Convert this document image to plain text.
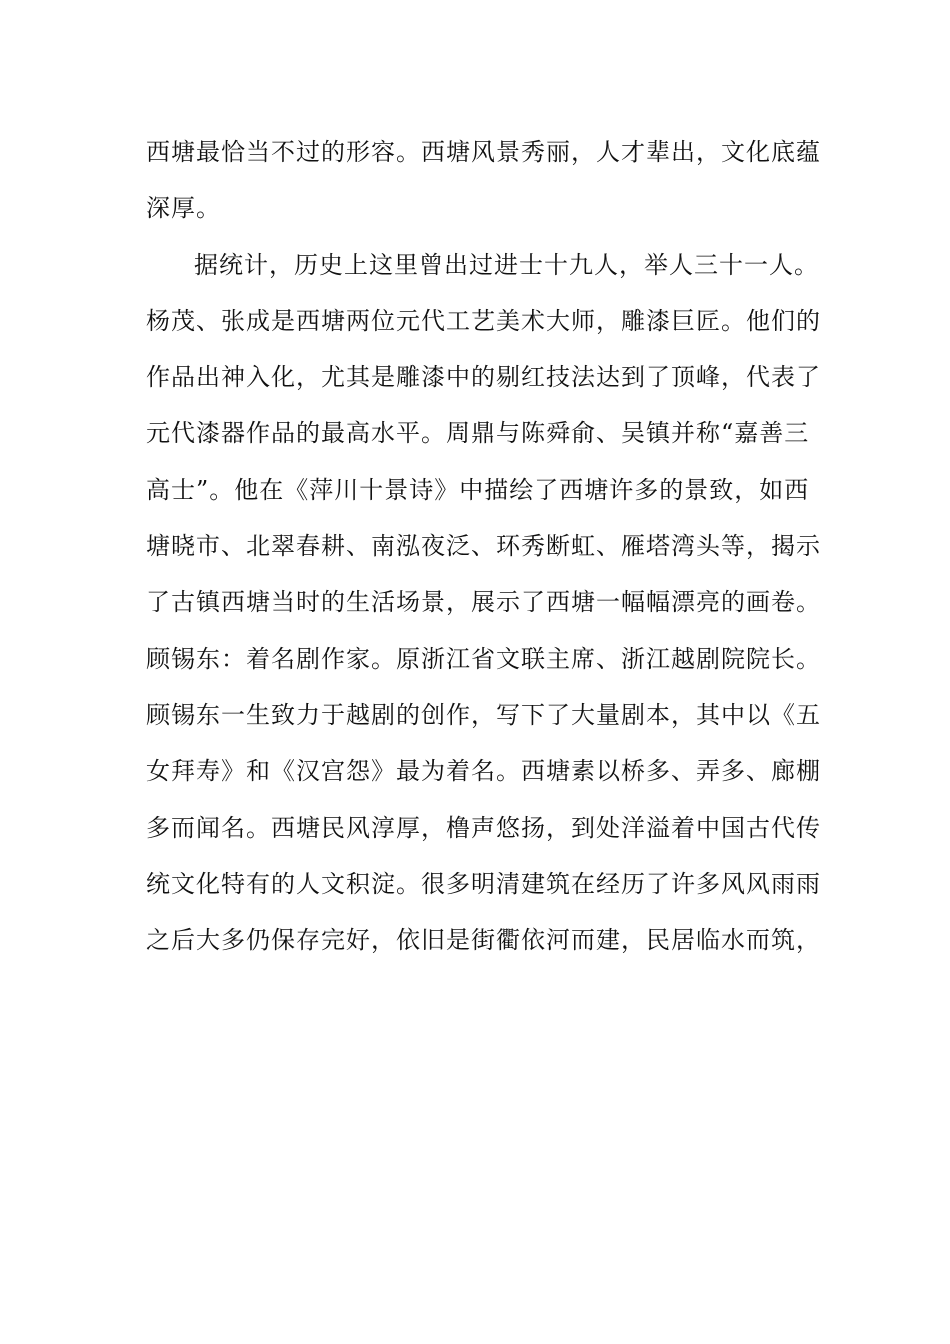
西塘最恰当不过的形容。西塘风景秀丽，人才辈出，文化底蕴
深厚。
据统计，历史上这里曾出过进士十九人，举人三十一人。
杨茂、张成是西塘两位元代工艺美术大师，雕漆巨匠。他们的
作品出神入化，尤其是雕漆中的剔红技法达到了顶峰，代表了
元代漆器作品的最高水平。周鼎与陈舜俞、吴镇并称“嘉善三
高士”。他在《萍川十景诗》中描绘了西塘许多的景致，如西
塘晓市、北翠春耕、南泓夜泛、环秀断虹、雁塔湾头等，揭示
了古镇西塘当时的生活场景，展示了西塘一幅幅漂亮的画卷。
顾锡东：着名剧作家。原浙江省文联主席、浙江越剧院院长。
顾锡东一生致力于越剧的创作，写下了大量剧本，其中以《五
女拜寿》和《汉宫怨》最为着名。西塘素以桥多、弄多、廊棚
多而闻名。西塘民风淳厚，橹声悠扬，到处洋溢着中国古代传
统文化特有的人文积淀。很多明清建筑在经历了许多风风雨雨
之后大多仍保存完好，依旧是街衢依河而建，民居临水而筑，
